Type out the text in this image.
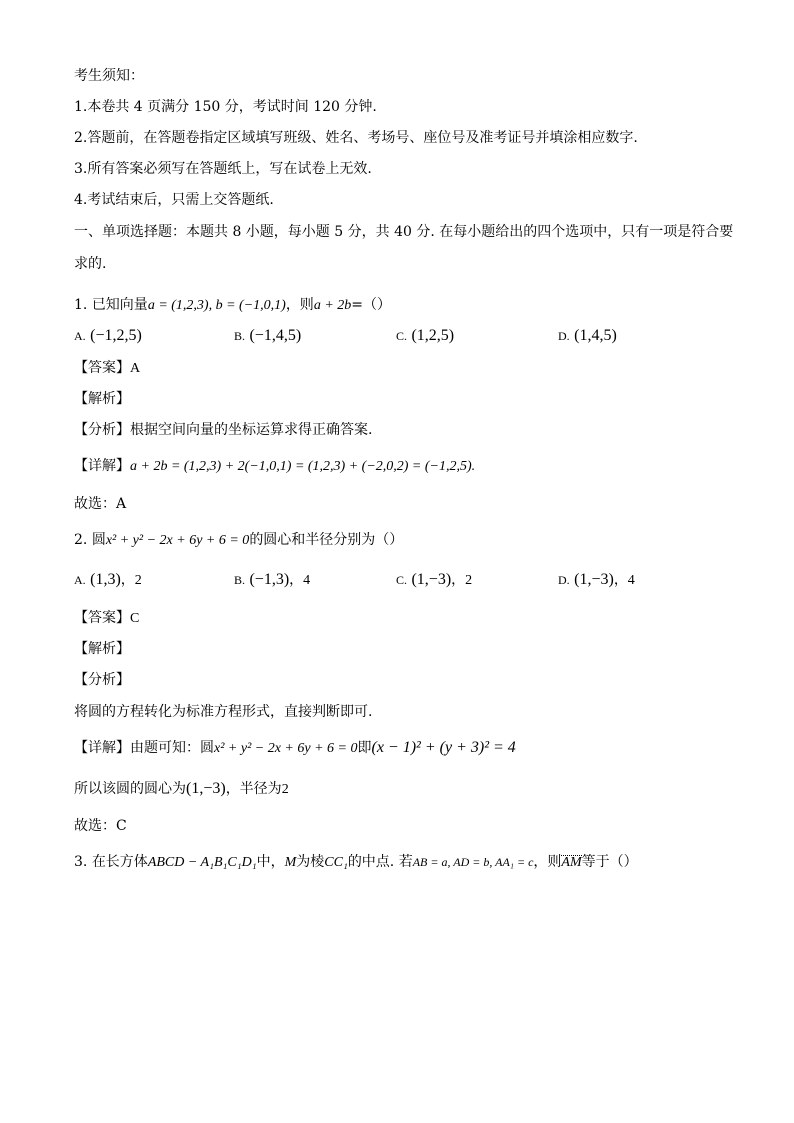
考生须知：
1.本卷共 4 页满分 150 分，考试时间 120 分钟.
2.答题前，在答题卷指定区域填写班级、姓名、考场号、座位号及准考证号并填涂相应数字.
3.所有答案必须写在答题纸上，写在试卷上无效.
4.考试结束后，只需上交答题纸.
一、单项选择题：本题共 8 小题，每小题 5 分，共 40 分. 在每小题给出的四个选项中，只有一项是符合要
求的.
1. 已知向量a = (1,2,3), b = (−1,0,1)，则a + 2b=（）
A. (−1,2,5)	B. (−1,4,5)	C. (1,2,5)	D. (1,4,5)
【答案】A
【解析】
【分析】根据空间向量的坐标运算求得正确答案.
【详解】a + 2b = (1,2,3) + 2(−1,0,1) = (1,2,3) + (−2,0,2) = (−1,2,5).
故选：A
2. 圆x² + y² − 2x + 6y + 6 = 0的圆心和半径分别为（）
A. (1,3)，2	B. (−1,3)，4	C. (1,−3)，2	D. (1,−3)，4
【答案】C
【解析】
【分析】
将圆的方程转化为标准方程形式，直接判断即可.
【详解】由题可知：圆x² + y² − 2x + 6y + 6 = 0即(x − 1)² + (y + 3)² = 4
所以该圆的圆心为(1,−3)，半径为2
故选：C
3. 在长方体ABCD − A₁B₁C₁D₁中，M为棱CC₁的中点. 若AB = a, AD = b, AA₁ = c，则AM等于（）
